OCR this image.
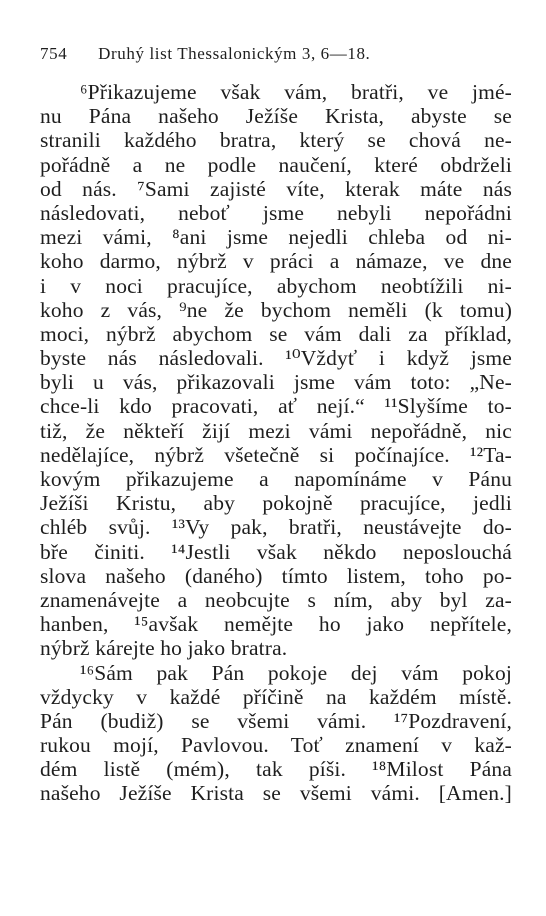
754 Druhý list Thessalonickým 3, 6—18.
⁶Přikazujeme však vám, bratři, ve jmé-
nu Pána našeho Ježíše Krista, abyste se
stranili každého bratra, který se chová ne-
pořádně a ne podle naučení, které obdrželi
od nás. ⁷Sami zajisté víte, kterak máte nás
následovati, neboť jsme nebyli nepořádni
mezi vámi, ⁸ani jsme nejedli chleba od ni-
koho darmo, nýbrž v práci a námaze, ve dne
i v noci pracujíce, abychom neobtížili ni-
koho z vás, ⁹ne že bychom neměli (k tomu)
moci, nýbrž abychom se vám dali za příklad,
byste nás následovali. ¹⁰Vždyť i když jsme
byli u vás, přikazovali jsme vám toto: „Ne-
chce-li kdo pracovati, ať nejí.“ ¹¹Slyšíme to-
tiž, že někteří žijí mezi vámi nepořádně, nic
nedělajíce, nýbrž všetečně si počínajíce. ¹²Ta-
kovým přikazujeme a napomínáme v Pánu
Ježíši Kristu, aby pokojně pracujíce, jedli
chléb svůj. ¹³Vy pak, bratři, neustávejte do-
bře činiti. ¹⁴Jestli však někdo neposlouchá
slova našeho (daného) tímto listem, toho po-
znamenávejte a neobcujte s ním, aby byl za-
hanben, ¹⁵avšak nemějte ho jako nepřítele,
nýbrž kárejte ho jako bratra.
¹⁶Sám pak Pán pokoje dej vám pokoj
vždycky v každé příčině na každém místě.
Pán (budiž) se všemi vámi. ¹⁷Pozdravení,
rukou mojí, Pavlovou. Toť znamení v kaž-
dém listě (mém), tak píši. ¹⁸Milost Pána
našeho Ježíše Krista se všemi vámi. [Amen.]
